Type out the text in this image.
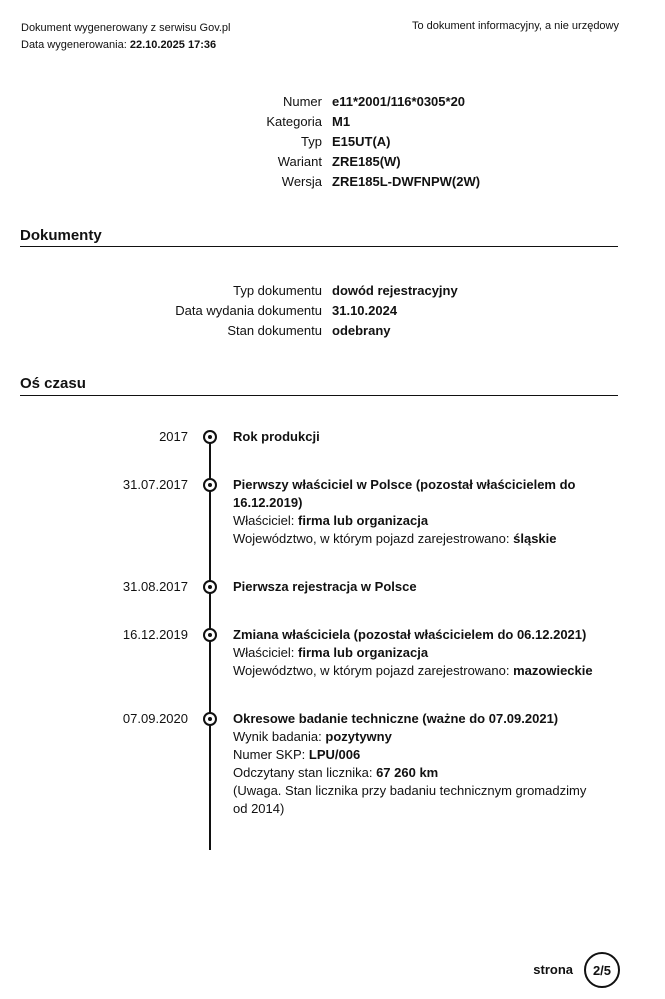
Dokument wygenerowany z serwisu Gov.pl
Data wygenerowania: 22.10.2025 17:36
To dokument informacyjny, a nie urzędowy
Numer e11*2001/116*0305*20
Kategoria M1
Typ E15UT(A)
Wariant ZRE185(W)
Wersja ZRE185L-DWFNPW(2W)
Dokumenty
Typ dokumentu dowód rejestracyjny
Data wydania dokumentu 31.10.2024
Stan dokumentu odebrany
Oś czasu
2017	Rok produkcji
31.07.2017	Pierwszy właściciel w Polsce (pozostał właścicielem do 16.12.2019)
Właściciel: firma lub organizacja
Województwo, w którym pojazd zarejestrowano: śląskie
31.08.2017	Pierwsza rejestracja w Polsce
16.12.2019	Zmiana właściciela (pozostał właścicielem do 06.12.2021)
Właściciel: firma lub organizacja
Województwo, w którym pojazd zarejestrowano: mazowieckie
07.09.2020	Okresowe badanie techniczne (ważne do 07.09.2021)
Wynik badania: pozytywny
Numer SKP: LPU/006
Odczytany stan licznika: 67 260 km
(Uwaga. Stan licznika przy badaniu technicznym gromadzimy od 2014)
strona	2/5
